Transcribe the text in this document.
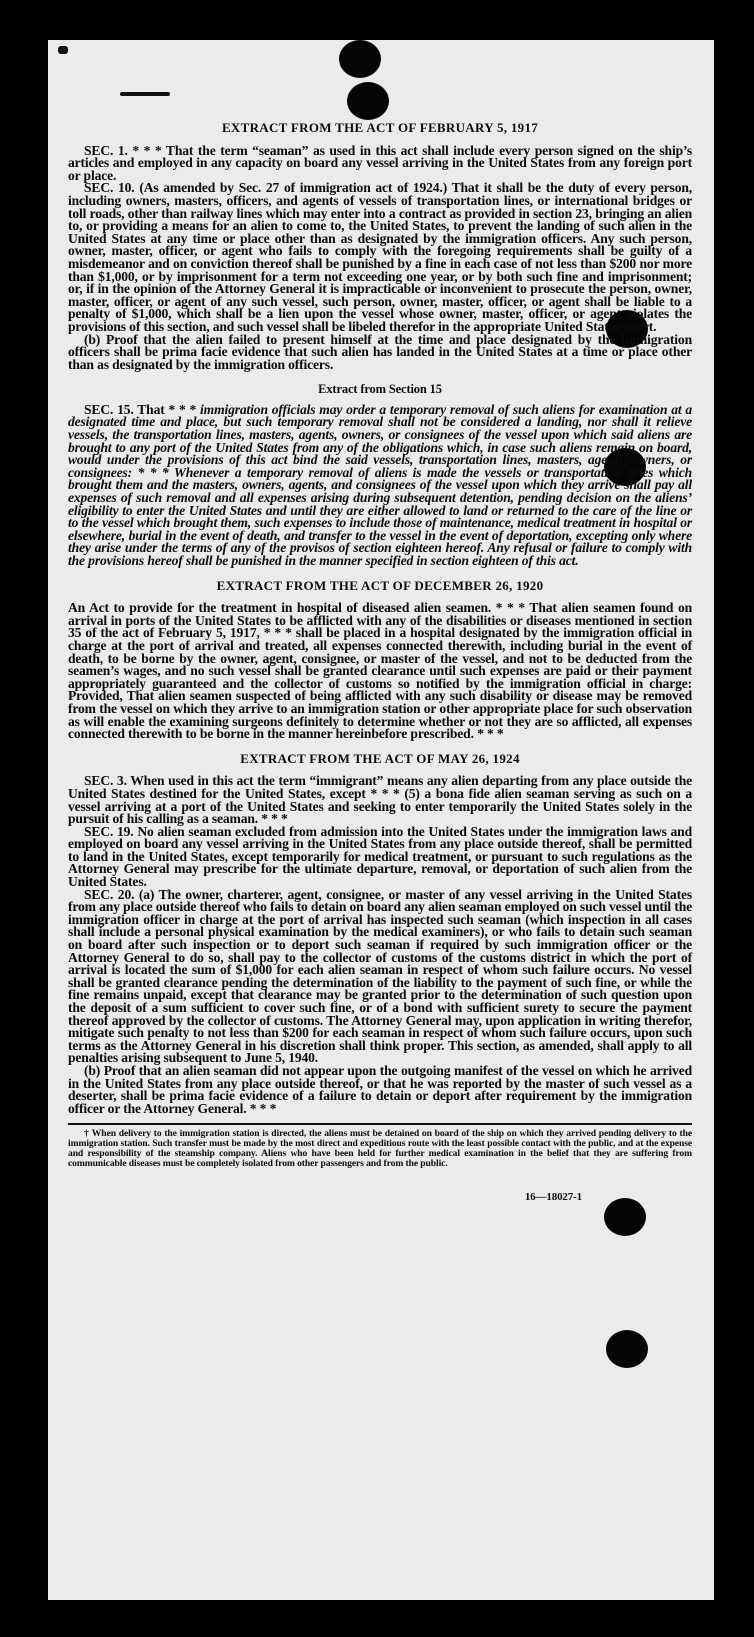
EXTRACT FROM THE ACT OF FEBRUARY 5, 1917

SEC. 1. * * * That the term “seaman” as used in this act shall include every person signed on the ship’s articles and employed in any capacity on board any vessel arriving in the United States from any foreign port or place.

SEC. 10. (As amended by Sec. 27 of immigration act of 1924.) That it shall be the duty of every person, including owners, masters, officers, and agents of vessels of transportation lines, or international bridges or toll roads, other than railway lines which may enter into a contract as provided in section 23, bringing an alien to, or providing a means for an alien to come to, the United States, to prevent the landing of such alien in the United States at any time or place other than as designated by the immigration officers. Any such person, owner, master, officer, or agent who fails to comply with the foregoing requirements shall be guilty of a misdemeanor and on conviction thereof shall be punished by a fine in each case of not less than $200 nor more than $1,000, or by imprisonment for a term not exceeding one year, or by both such fine and imprisonment; or, if in the opinion of the Attorney General it is impracticable or inconvenient to prosecute the person, owner, master, officer, or agent of any such vessel, such person, owner, master, officer, or agent shall be liable to a penalty of $1,000, which shall be a lien upon the vessel whose owner, master, officer, or agent violates the provisions of this section, and such vessel shall be libeled therefor in the appropriate United States court.

(b) Proof that the alien failed to present himself at the time and place designated by the immigration officers shall be prima facie evidence that such alien has landed in the United States at a time or place other than as designated by the immigration officers.

Extract from Section 15

SEC. 15. That * * * immigration officials may order a temporary removal of such aliens for examination at a designated time and place, but such temporary removal shall not be considered a landing, nor shall it relieve vessels, the transportation lines, masters, agents, owners, or consignees of the vessel upon which said aliens are brought to any port of the United States from any of the obligations which, in case such aliens remain on board, would under the provisions of this act bind the said vessels, transportation lines, masters, agents, owners, or consignees: * * * Whenever a temporary removal of aliens is made the vessels or transportation lines which brought them and the masters, owners, agents, and consignees of the vessel upon which they arrive shall pay all expenses of such removal and all expenses arising during subsequent detention, pending decision on the aliens’ eligibility to enter the United States and until they are either allowed to land or returned to the care of the line or to the vessel which brought them, such expenses to include those of maintenance, medical treatment in hospital or elsewhere, burial in the event of death, and transfer to the vessel in the event of deportation, excepting only where they arise under the terms of any of the provisos of section eighteen hereof. Any refusal or failure to comply with the provisions hereof shall be punished in the manner specified in section eighteen of this act.

EXTRACT FROM THE ACT OF DECEMBER 26, 1920

An Act to provide for the treatment in hospital of diseased alien seamen. * * * That alien seamen found on arrival in ports of the United States to be afflicted with any of the disabilities or diseases mentioned in section 35 of the act of February 5, 1917, * * * shall be placed in a hospital designated by the immigration official in charge at the port of arrival and treated, all expenses connected therewith, including burial in the event of death, to be borne by the owner, agent, consignee, or master of the vessel, and not to be deducted from the seamen’s wages, and no such vessel shall be granted clearance until such expenses are paid or their payment appropriately guaranteed and the collector of customs so notified by the immigration official in charge: Provided, That alien seamen suspected of being afflicted with any such disability or disease may be removed from the vessel on which they arrive to an immigration station or other appropriate place for such observation as will enable the examining surgeons definitely to determine whether or not they are so afflicted, all expenses connected therewith to be borne in the manner hereinbefore prescribed. * * *

EXTRACT FROM THE ACT OF MAY 26, 1924

SEC. 3. When used in this act the term “immigrant” means any alien departing from any place outside the United States destined for the United States, except * * * (5) a bona fide alien seaman serving as such on a vessel arriving at a port of the United States and seeking to enter temporarily the United States solely in the pursuit of his calling as a seaman. * * *

SEC. 19. No alien seaman excluded from admission into the United States under the immigration laws and employed on board any vessel arriving in the United States from any place outside thereof, shall be permitted to land in the United States, except temporarily for medical treatment, or pursuant to such regulations as the Attorney General may prescribe for the ultimate departure, removal, or deportation of such alien from the United States.

SEC. 20. (a) The owner, charterer, agent, consignee, or master of any vessel arriving in the United States from any place outside thereof who fails to detain on board any alien seaman employed on such vessel until the immigration officer in charge at the port of arrival has inspected such seaman (which inspection in all cases shall include a personal physical examination by the medical examiners), or who fails to detain such seaman on board after such inspection or to deport such seaman if required by such immigration officer or the Attorney General to do so, shall pay to the collector of customs of the customs district in which the port of arrival is located the sum of $1,000 for each alien seaman in respect of whom such failure occurs. No vessel shall be granted clearance pending the determination of the liability to the payment of such fine, or while the fine remains unpaid, except that clearance may be granted prior to the determination of such question upon the deposit of a sum sufficient to cover such fine, or of a bond with sufficient surety to secure the payment thereof approved by the collector of customs. The Attorney General may, upon application in writing therefor, mitigate such penalty to not less than $200 for each seaman in respect of whom such failure occurs, upon such terms as the Attorney General in his discretion shall think proper. This section, as amended, shall apply to all penalties arising subsequent to June 5, 1940.

(b) Proof that an alien seaman did not appear upon the outgoing manifest of the vessel on which he arrived in the United States from any place outside thereof, or that he was reported by the master of such vessel as a deserter, shall be prima facie evidence of a failure to detain or deport after requirement by the immigration officer or the Attorney General. * * *

† When delivery to the immigration station is directed, the aliens must be detained on board of the ship on which they arrived pending delivery to the immigration station. Such transfer must be made by the most direct and expeditious route with the least possible contact with the public, and at the expense and responsibility of the steamship company. Aliens who have been held for further medical examination in the belief that they are suffering from communicable diseases must be completely isolated from other passengers and from the public.

16—18027-1
